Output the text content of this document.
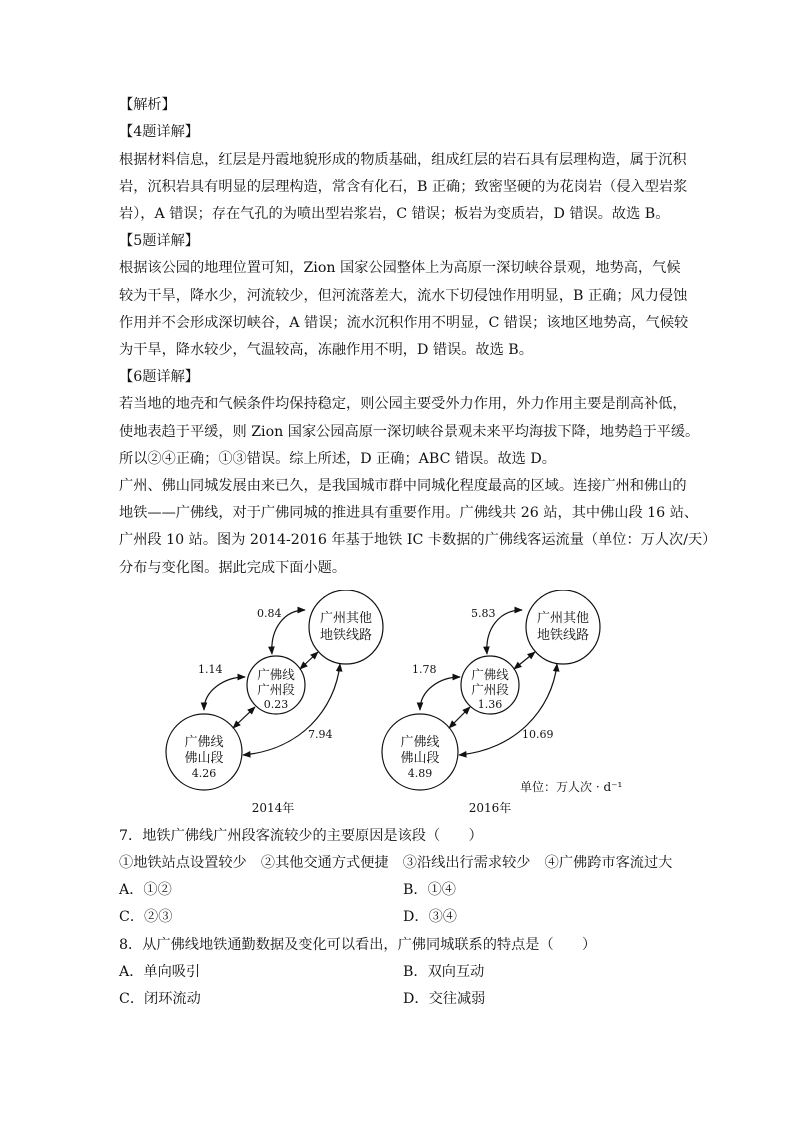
【解析】
【4题详解】
根据材料信息，红层是丹霞地貌形成的物质基础，组成红层的岩石具有层理构造，属于沉积
岩，沉积岩具有明显的层理构造，常含有化石，B 正确；致密坚硬的为花岗岩（侵入型岩浆
岩），A 错误；存在气孔的为喷出型岩浆岩，C 错误；板岩为变质岩，D 错误。故选 B。
【5题详解】
根据该公园的地理位置可知，Zion 国家公园整体上为高原一深切峡谷景观，地势高，气候
较为干旱，降水少，河流较少，但河流落差大，流水下切侵蚀作用明显，B 正确；风力侵蚀
作用并不会形成深切峡谷，A 错误；流水沉积作用不明显，C 错误；该地区地势高，气候较
为干旱，降水较少，气温较高，冻融作用不明，D 错误。故选 B。
【6题详解】
若当地的地壳和气候条件均保持稳定，则公园主要受外力作用，外力作用主要是削高补低，
使地表趋于平缓，则 Zion 国家公园高原一深切峡谷景观未来平均海拔下降，地势趋于平缓。
所以②④正确；①③错误。综上所述，D 正确；ABC 错误。故选 D。
广州、佛山同城发展由来已久，是我国城市群中同城化程度最高的区域。连接广州和佛山的
地铁——广佛线，对于广佛同城的推进具有重要作用。广佛线共 26 站，其中佛山段 16 站、
广州段 10 站。图为 2014-2016 年基于地铁 IC 卡数据的广佛线客运流量（单位：万人次/天）
分布与变化图。据此完成下面小题。
广州其他
地铁线路
广佛线
广州段
0.23
广佛线
佛山段
4.26
0.84
1.14
7.94
2014年
广州其他
地铁线路
广佛线
广州段
1.36
广佛线
佛山段
4.89
5.83
1.78
10.69
2016年
单位：万人次 · d⁻¹
7．地铁广佛线广州段客流较少的主要原因是该段（　　）
①地铁站点设置较少　②其他交通方式便捷　③沿线出行需求较少　④广佛跨市客流过大
A．①②	B．①④
C．②③	D．③④
8．从广佛线地铁通勤数据及变化可以看出，广佛同城联系的特点是（　　）
A．单向吸引	B．双向互动
C．闭环流动	D．交往减弱
